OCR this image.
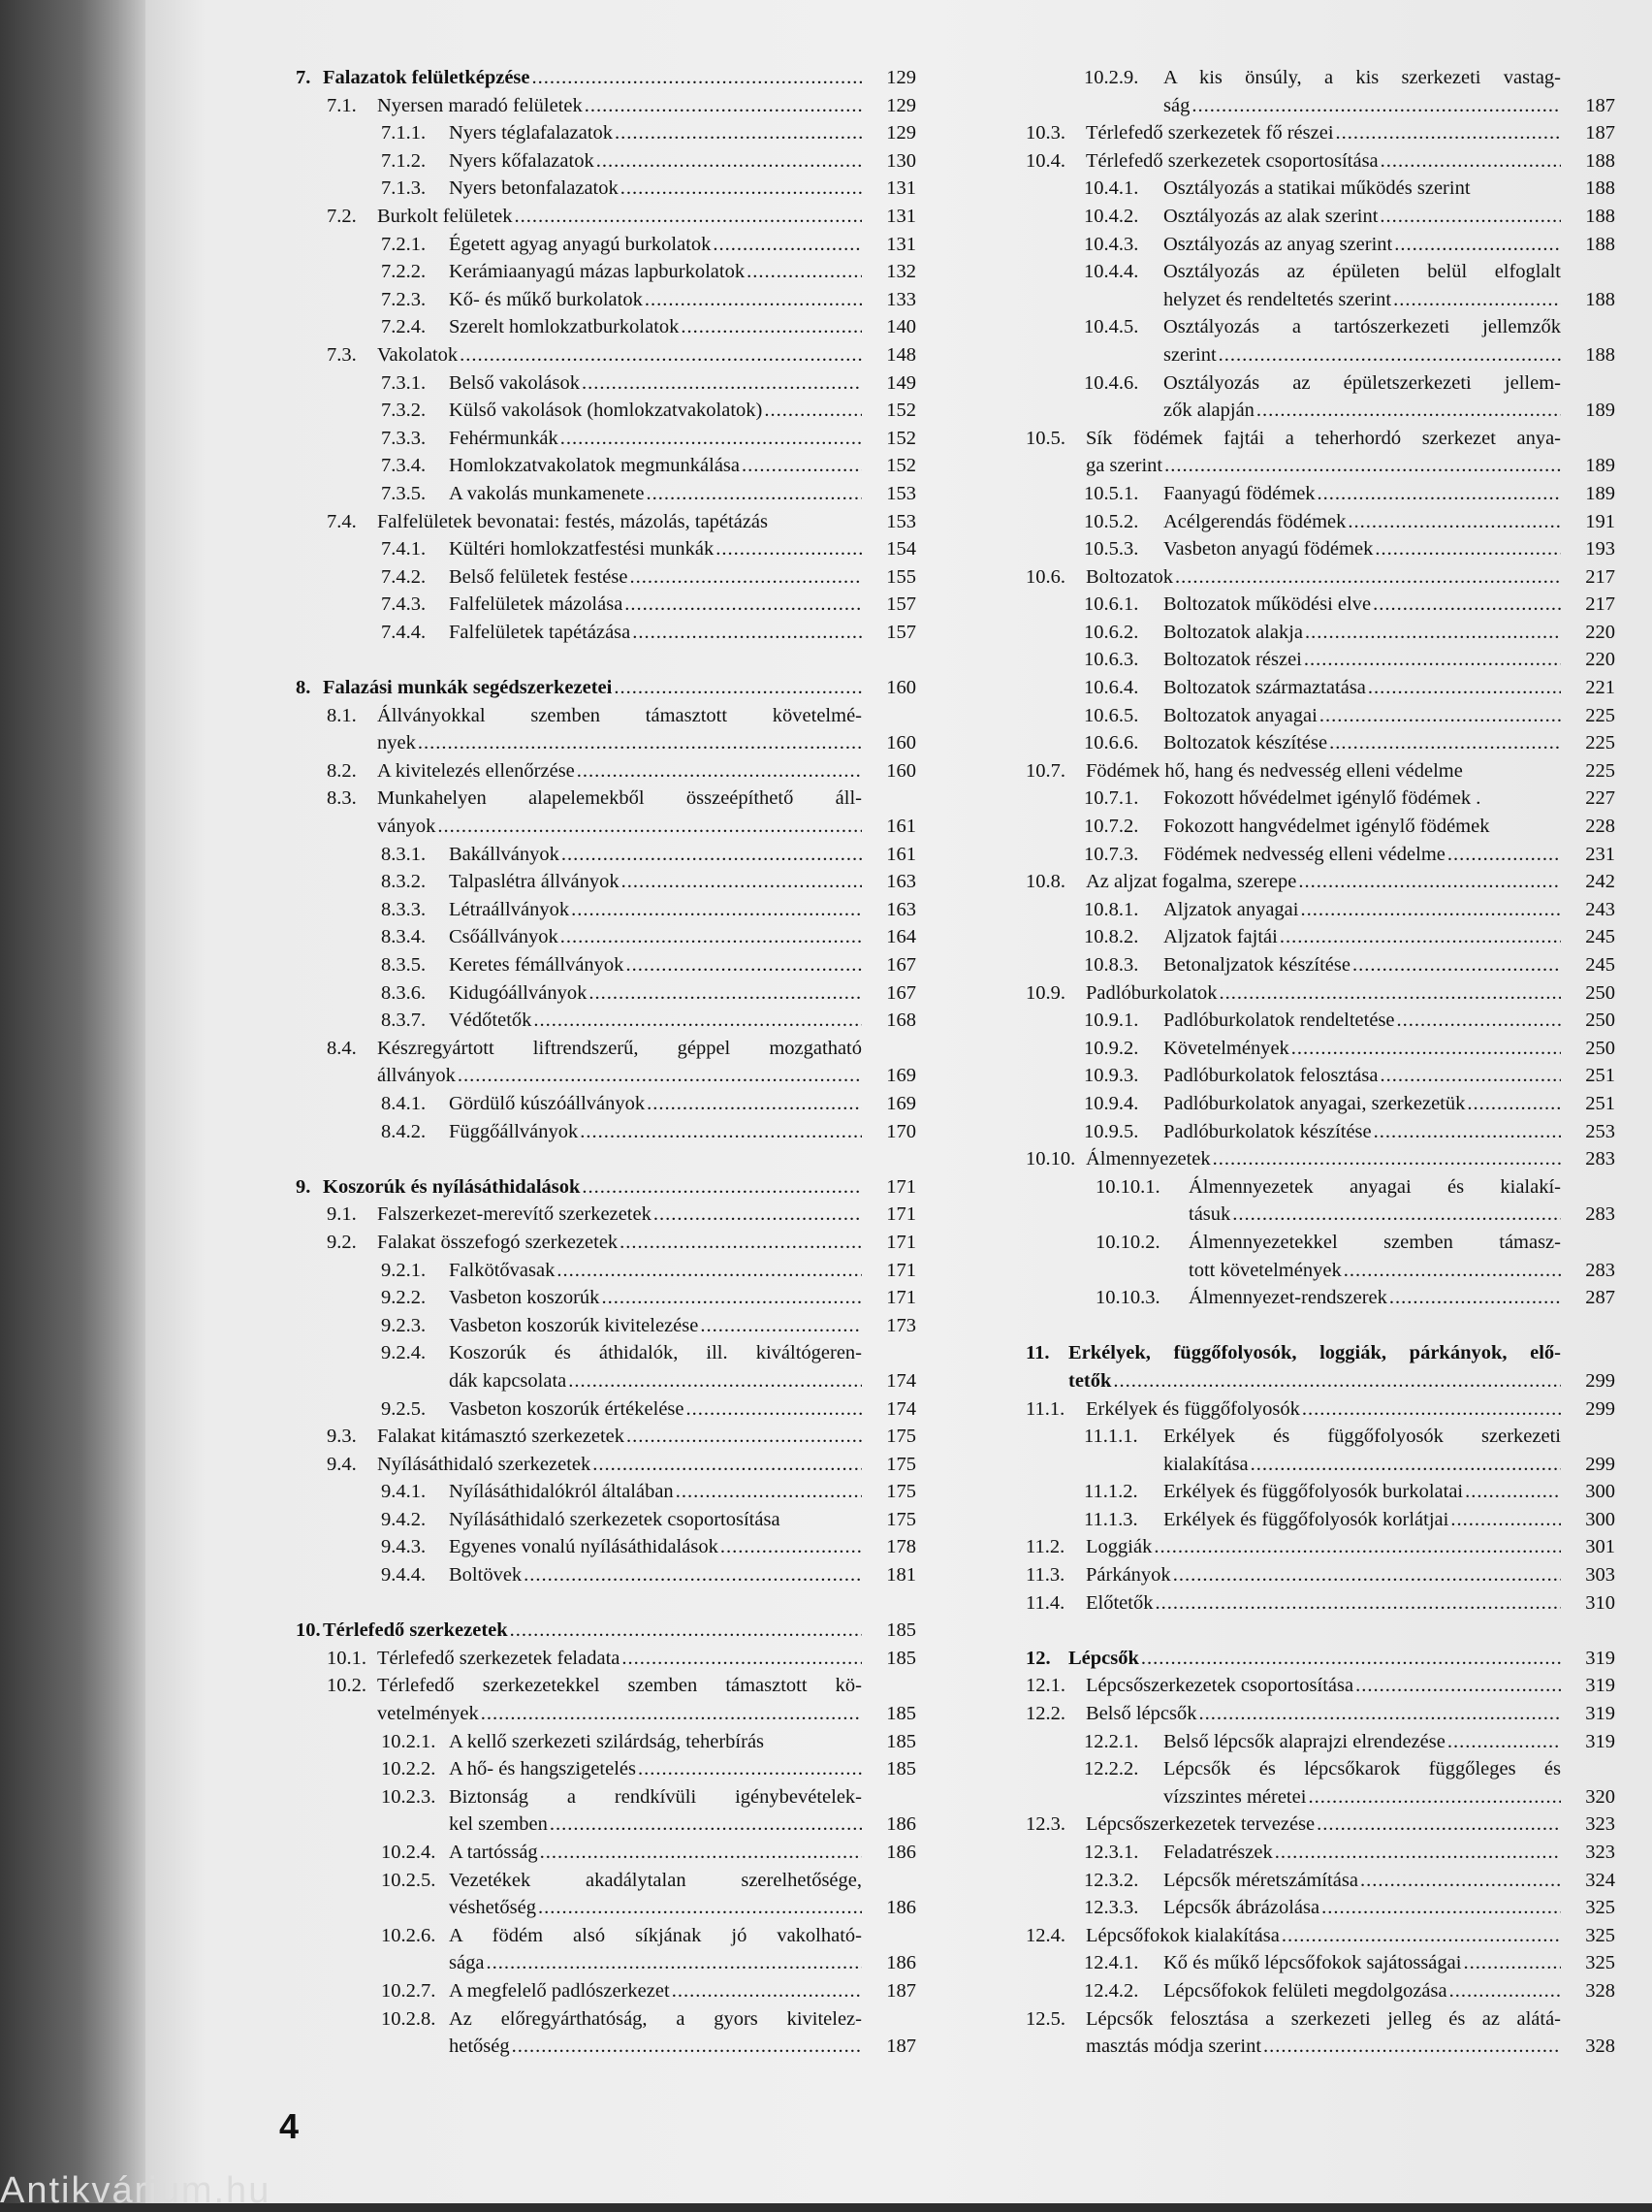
7. Falazatok felületképzése .....	129
7.1.	Nyersen maradó felületek .....	129
7.1.1.	Nyers téglafalazatok .....	129
7.1.2.	Nyers kőfalazatok .....	130
7.1.3.	Nyers betonfalazatok .....	131
7.2.	Burkolt felületek .....	131
7.2.1.	Égetett agyag anyagú burkolatok .....	131
7.2.2.	Kerámiaanyagú mázas lapburkolatok .....	132
7.2.3.	Kő- és műkő burkolatok .....	133
7.2.4.	Szerelt homlokzatburkolatok .....	140
7.3.	Vakolatok .....	148
7.3.1.	Belső vakolások .....	149
7.3.2.	Külső vakolások (homlokzatvakolatok) .....	152
7.3.3.	Fehérmunkák .....	152
7.3.4.	Homlokzatvakolatok megmunkálása .....	152
7.3.5.	A vakolás munkamenete .....	153
7.4.	Falfelületek bevonatai: festés, mázolás, tapétázás	153
7.4.1.	Kültéri homlokzatfestési munkák .....	154
7.4.2.	Belső felületek festése .....	155
7.4.3.	Falfelületek mázolása .....	157
7.4.4.	Falfelületek tapétázása .....	157
8. Falazási munkák segédszerkezetei .....	160
8.1.	Állványokkal szemben támasztott követelmé-
nyek .....	160
8.2.	A kivitelezés ellenőrzése .....	160
8.3.	Munkahelyen alapelemekből összeépíthető áll-
ványok .....	161
8.3.1.	Bakállványok .....	161
8.3.2.	Talpaslétra állványok .....	163
8.3.3.	Létraállványok .....	163
8.3.4.	Csőállványok .....	164
8.3.5.	Keretes fémállványok .....	167
8.3.6.	Kidugóállványok .....	167
8.3.7.	Védőtetők .....	168
8.4.	Készregyártott liftrendszerű, géppel mozgatható
állványok .....	169
8.4.1.	Gördülő kúszóállványok .....	169
8.4.2.	Függőállványok .....	170
9. Koszorúk és nyílásáthidalások .....	171
9.1.	Falszerkezet-merevítő szerkezetek .....	171
9.2.	Falakat összefogó szerkezetek .....	171
9.2.1.	Falkötővasak .....	171
9.2.2.	Vasbeton koszorúk .....	171
9.2.3.	Vasbeton koszorúk kivitelezése .....	173
9.2.4.	Koszorúk és áthidalók, ill. kiváltógeren-
dák kapcsolata .....	174
9.2.5.	Vasbeton koszorúk értékelése .....	174
9.3.	Falakat kitámasztó szerkezetek .....	175
9.4.	Nyílásáthidaló szerkezetek .....	175
9.4.1.	Nyílásáthidalókról általában .....	175
9.4.2.	Nyílásáthidaló szerkezetek csoportosítása	175
9.4.3.	Egyenes vonalú nyílásáthidalások .....	178
9.4.4.	Boltövek .....	181
10. Térlefedő szerkezetek .....	185
10.1. Térlefedő szerkezetek feladata .....	185
10.2. Térlefedő szerkezetekkel szemben támasztott kö-
vetelmények .....	185
10.2.1. A kellő szerkezeti szilárdság, teherbírás	185
10.2.2. A hő- és hangszigetelés .....	185
10.2.3. Biztonság a rendkívüli igénybevételek-
kel szemben .....	186
10.2.4. A tartósság .....	186
10.2.5. Vezetékek akadálytalan szerelhetősége,
véshetőség .....	186
10.2.6. A födém alsó síkjának jó vakolható-
sága .....	186
10.2.7. A megfelelő padlószerkezet .....	187
10.2.8. Az előregyárthatóság, a gyors kivitelez-
hetőség .....	187
10.2.9.	A kis önsúly, a kis szerkezeti vastag-
ság .....	187
10.3.	Térlefedő szerkezetek fő részei .....	187
10.4.	Térlefedő szerkezetek csoportosítása .....	188
10.4.1.	Osztályozás a statikai működés szerint	188
10.4.2.	Osztályozás az alak szerint .....	188
10.4.3.	Osztályozás az anyag szerint .....	188
10.4.4.	Osztályozás az épületen belül elfoglalt
helyzet és rendeltetés szerint .....	188
10.4.5.	Osztályozás a tartószerkezeti jellemzők
szerint .....	188
10.4.6.	Osztályozás az épületszerkezeti jellem-
zők alapján .....	189
10.5.	Sík födémek fajtái a teherhordó szerkezet anya-
ga szerint .....	189
10.5.1.	Faanyagú födémek .....	189
10.5.2.	Acélgerendás födémek .....	191
10.5.3.	Vasbeton anyagú födémek .....	193
10.6.	Boltozatok .....	217
10.6.1.	Boltozatok működési elve .....	217
10.6.2.	Boltozatok alakja .....	220
10.6.3.	Boltozatok részei .....	220
10.6.4.	Boltozatok származtatása .....	221
10.6.5.	Boltozatok anyagai .....	225
10.6.6.	Boltozatok készítése .....	225
10.7.	Födémek hő, hang és nedvesség elleni védelme	225
10.7.1.	Fokozott hővédelmet igénylő födémek .	227
10.7.2.	Fokozott hangvédelmet igénylő födémek	228
10.7.3.	Födémek nedvesség elleni védelme .....	231
10.8.	Az aljzat fogalma, szerepe .....	242
10.8.1.	Aljzatok anyagai .....	243
10.8.2.	Aljzatok fajtái .....	245
10.8.3.	Betonaljzatok készítése .....	245
10.9.	Padlóburkolatok .....	250
10.9.1.	Padlóburkolatok rendeltetése .....	250
10.9.2.	Követelmények .....	250
10.9.3.	Padlóburkolatok felosztása .....	251
10.9.4.	Padlóburkolatok anyagai, szerkezetük .....	251
10.9.5.	Padlóburkolatok készítése .....	253
10.10. Álmennyezetek .....	283
10.10.1.	Álmennyezetek anyagai és kialakí-
tásuk .....	283
10.10.2.	Álmennyezetekkel szemben támasz-
tott követelmények .....	283
10.10.3.	Álmennyezet-rendszerek .....	287
11. Erkélyek, függőfolyosók, loggiák, párkányok, elő-
tetők .....	299
11.1.	Erkélyek és függőfolyosók .....	299
11.1.1.	Erkélyek és függőfolyosók szerkezeti
kialakítása .....	299
11.1.2.	Erkélyek és függőfolyosók burkolatai .....	300
11.1.3.	Erkélyek és függőfolyosók korlátjai .....	300
11.2.	Loggiák .....	301
11.3.	Párkányok .....	303
11.4.	Előtetők .....	310
12. Lépcsők .....	319
12.1.	Lépcsőszerkezetek csoportosítása .....	319
12.2.	Belső lépcsők .....	319
12.2.1.	Belső lépcsők alaprajzi elrendezése .....	319
12.2.2.	Lépcsők és lépcsőkarok függőleges és
vízszintes méretei .....	320
12.3.	Lépcsőszerkezetek tervezése .....	323
12.3.1.	Feladatrészek .....	323
12.3.2.	Lépcsők méretszámítása .....	324
12.3.3.	Lépcsők ábrázolása .....	325
12.4.	Lépcsőfokok kialakítása .....	325
12.4.1.	Kő és műkő lépcsőfokok sajátosságai .....	325
12.4.2.	Lépcsőfokok felületi megdolgozása .....	328
12.5.	Lépcsők felosztása a szerkezeti jelleg és az alátá-
masztás módja szerint .....	328
4
Antikvárium.hu
